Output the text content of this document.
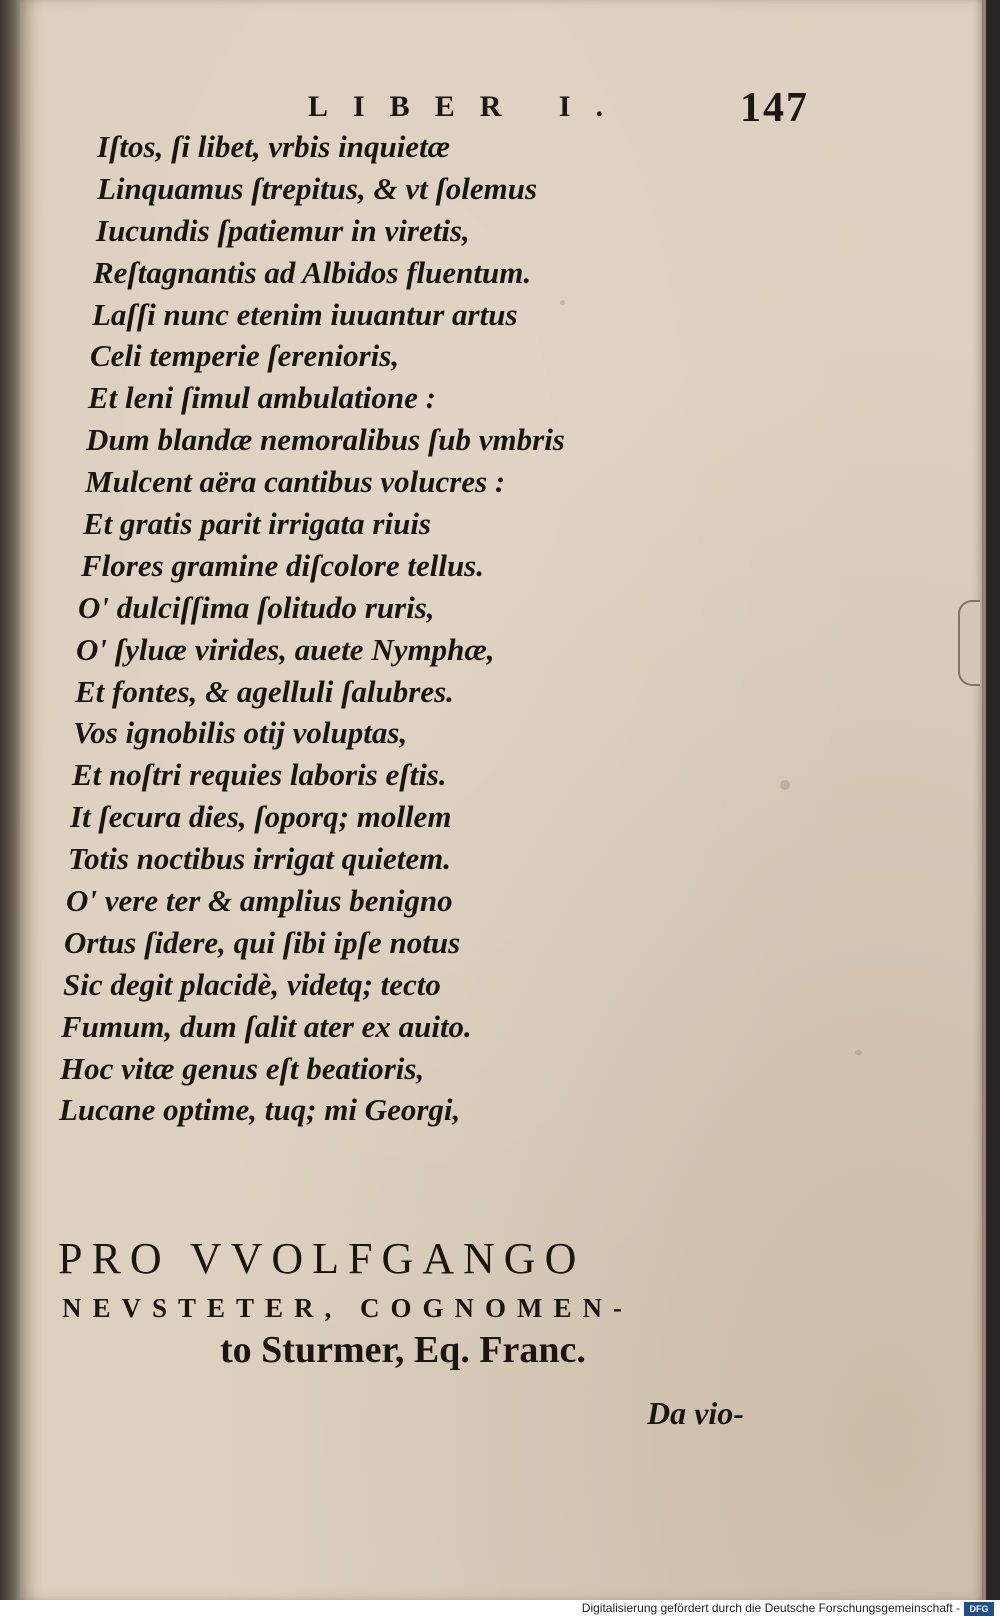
LIBER I.	147
Iſtos, ſi libet, vrbis inquietæ
Linquamus ſtrepitus, & vt ſolemus
Iucundis ſpatiemur in viretis,
Reſtagnantis ad Albidos fluentum.
Laſſi nunc etenim iuuantur artus
Celi temperie ſerenioris,
Et leni ſimul ambulatione :
Dum blandæ nemoralibus ſub vmbris
Mulcent aëra cantibus volucres :
Et gratis parit irrigata riuis
Flores gramine diſcolore tellus.
O' dulciſſima ſolitudo ruris,
O' ſyluæ virides, auete Nymphæ,
Et fontes, & agelluli ſalubres.
Vos ignobilis otij voluptas,
Et noſtri requies laboris eſtis.
It ſecura dies, ſoporq; mollem
Totis noctibus irrigat quietem.
O' vere ter & amplius benigno
Ortus ſidere, qui ſibi ipſe notus
Sic degit placidè, videtq; tecto
Fumum, dum ſalit ater ex auito.
Hoc vitæ genus eſt beatioris,
Lucane optime, tuq; mi Georgi,
PRO VVOLFGANGO
NEVSTETER, COGNOMEN-
to Sturmer, Eq. Franc.
Da vio-
Digitalisierung gefördert durch die Deutsche Forschungsgemeinschaft -	DFG
